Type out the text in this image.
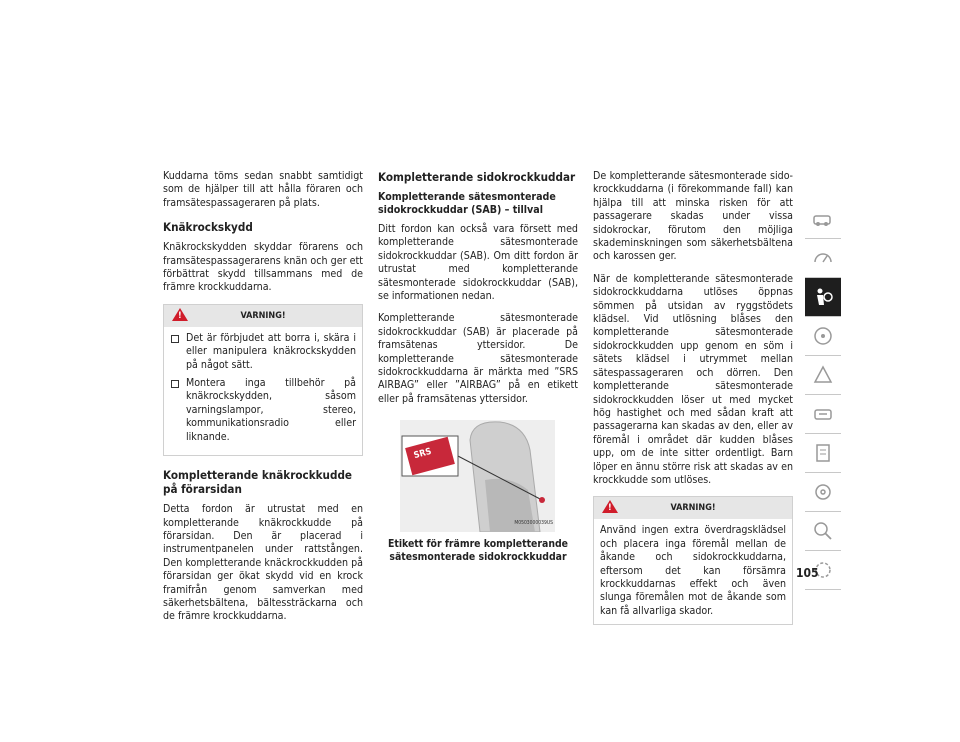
Kuddarna töms sedan snabbt samtidigt som de hjälper till att hålla föraren och framsätespassageraren på plats.

Knäkrockskydd

Knäkrockskydden skyddar förarens och framsätespassagerarens knän och ger ett förbättrat skydd tillsammans med de främre krockkuddarna.

!	VARNING!
Det är förbjudet att borra i, skära i eller manipulera knäkrockskydden på något sätt.
Montera inga tillbehör på knäkrockskydden, såsom varningslampor, stereo, kommunikationsradio eller liknande.
Kompletterande knäkrockkudde på förarsidan

Detta fordon är utrustat med en kompletterande knäkrockkudde på förarsidan. Den är placerad i instrumentpanelen under rattstången. Den kompletterande knäckrockkudden på förarsidan ger ökat skydd vid en krock framifrån genom samverkan med säkerhetsbältena, bältessträckarna och de främre krockkuddarna.

Kompletterande sidokrockkuddar
Kompletterande sätesmonterade sidokrockkuddar (SAB) – tillval

Ditt fordon kan också vara försett med kompletterande sätesmonterade sidokrockkuddar (SAB). Om ditt fordon är utrustat med kompletterande sätesmonterade sidokrockkuddar (SAB), se informationen nedan.

Kompletterande sätesmonterade sidokrockkuddar (SAB) är placerade på framsätenas yttersidor. De kompletterande sätesmonterade sidokrockkuddarna är märkta med ”SRS AIRBAG” eller ”AIRBAG” på en etikett eller på framsätenas yttersidor.

SRS
M0503000039US
Etikett för främre kompletterande sätesmonterade sidokrockkuddar

De kompletterande sätesmonterade sidokrockkuddarna (i förekommande fall) kan hjälpa till att minska risken för att passagerare skadas under vissa sidokrockar, förutom den möjliga skademinskningen som säkerhetsbältena och karossen ger.

När de kompletterande sätesmonterade sidokrockkuddarna utlöses öppnas sömmen på utsidan av ryggstödets klädsel. Vid utlösning blåses den kompletterande sätesmonterade sidokrockkudden upp genom en söm i sätets klädsel i utrymmet mellan sätespassageraren och dörren. Den kompletterande sätesmonterade sidokrockkudden löser ut med mycket hög hastighet och med sådan kraft att passagerarna kan skadas av den, eller av föremål i området där kudden blåses upp, om de inte sitter ordentligt. Barn löper en ännu större risk att skadas av en krockkudde som utlöses.

!	VARNING!

Använd ingen extra överdragsklädsel och placera inga föremål mellan de åkande och sidokrockkuddarna, eftersom det kan försämra krockkuddarnas effekt och även slunga föremålen mot de åkande som kan få allvarliga skador.

105
